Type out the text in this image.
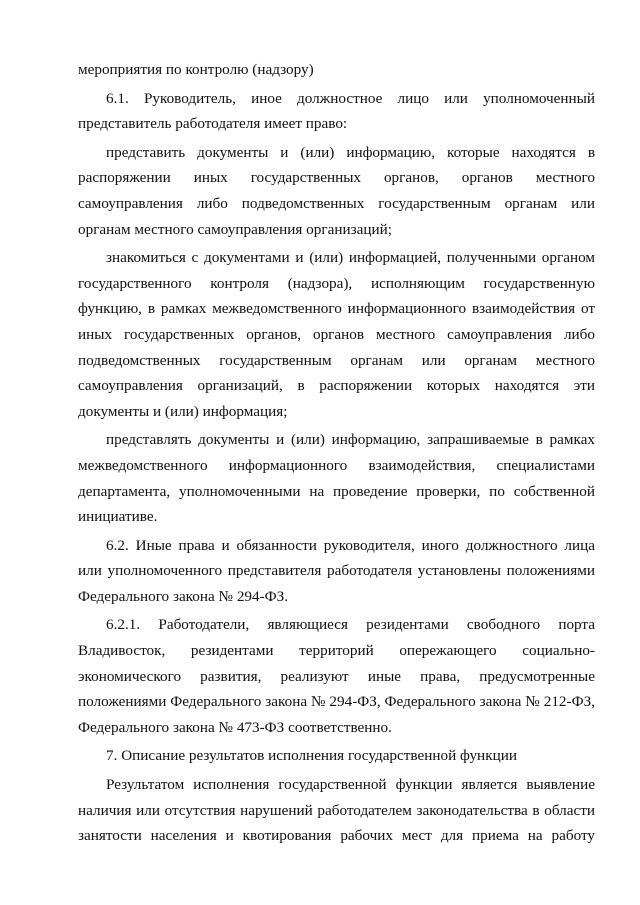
мероприятия по контролю (надзору)

6.1. Руководитель, иное должностное лицо или уполномоченный представитель работодателя имеет право:

представить документы и (или) информацию, которые находятся в распоряжении иных государственных органов, органов местного самоуправления либо подведомственных государственным органам или органам местного самоуправления организаций;

знакомиться с документами и (или) информацией, полученными органом государственного контроля (надзора), исполняющим государственную функцию, в рамках межведомственного информационного взаимодействия от иных государственных органов, органов местного самоуправления либо подведомственных государственным органам или органам местного самоуправления организаций, в распоряжении которых находятся эти документы и (или) информация;

представлять документы и (или) информацию, запрашиваемые в рамках межведомственного информационного взаимодействия, специалистами департамента, уполномоченными на проведение проверки, по собственной инициативе.

6.2. Иные права и обязанности руководителя, иного должностного лица или уполномоченного представителя работодателя установлены положениями Федерального закона № 294-ФЗ.

6.2.1. Работодатели, являющиеся резидентами свободного порта Владивосток, резидентами территорий опережающего социально-экономического развития, реализуют иные права, предусмотренные положениями Федерального закона № 294-ФЗ, Федерального закона № 212-ФЗ, Федерального закона № 473-ФЗ соответственно.

7. Описание результатов исполнения государственной функции

Результатом исполнения государственной функции является выявление наличия или отсутствия нарушений работодателем законодательства в области занятости населения и квотирования рабочих мест для приема на работу
